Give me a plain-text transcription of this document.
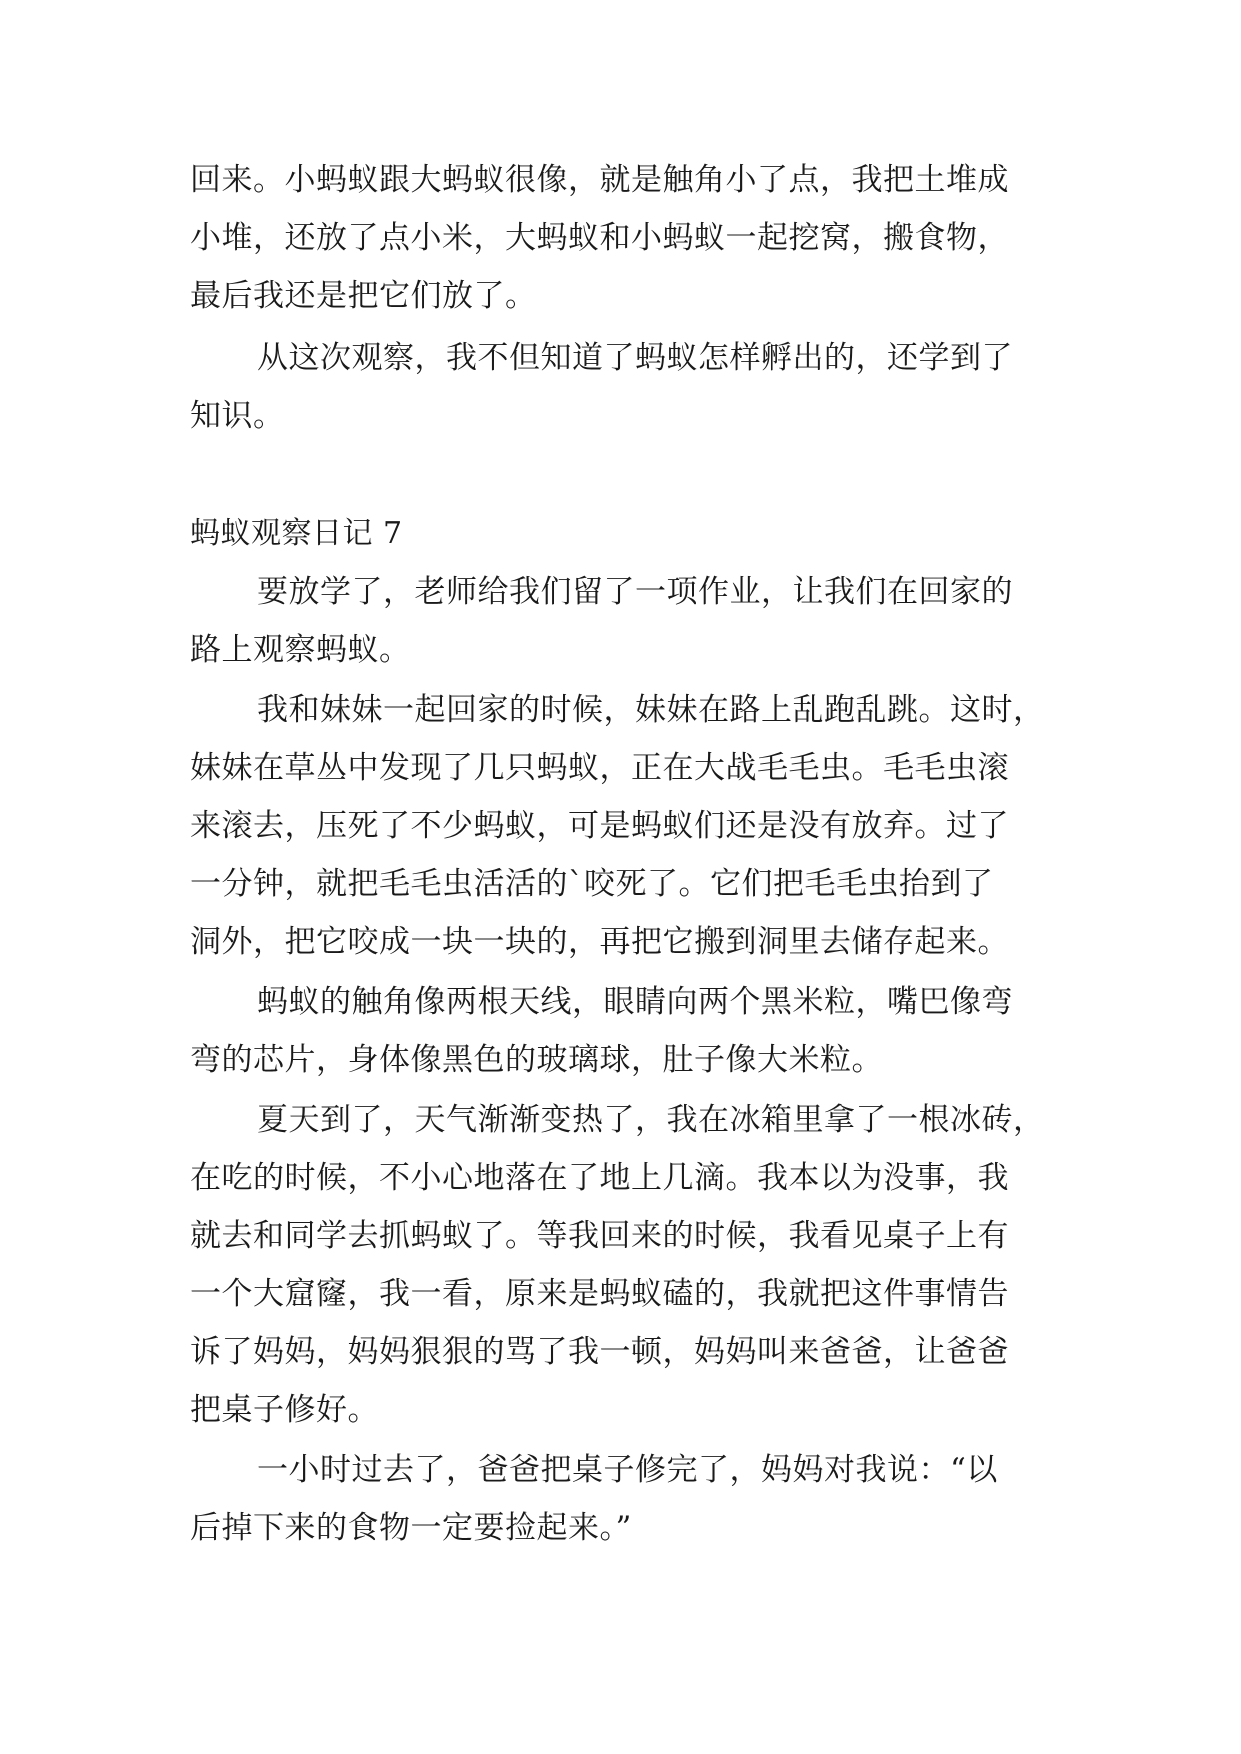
回来。小蚂蚁跟大蚂蚁很像，就是触角小了点，我把土堆成
小堆，还放了点小米，大蚂蚁和小蚂蚁一起挖窝，搬食物，
最后我还是把它们放了。
从这次观察，我不但知道了蚂蚁怎样孵出的，还学到了
知识。
蚂蚁观察日记 7
要放学了，老师给我们留了一项作业，让我们在回家的
路上观察蚂蚁。
我和妹妹一起回家的时候，妹妹在路上乱跑乱跳。这时，
妹妹在草丛中发现了几只蚂蚁，正在大战毛毛虫。毛毛虫滚
来滚去，压死了不少蚂蚁，可是蚂蚁们还是没有放弃。过了
一分钟，就把毛毛虫活活的`咬死了。它们把毛毛虫抬到了
洞外，把它咬成一块一块的，再把它搬到洞里去储存起来。
蚂蚁的触角像两根天线，眼睛向两个黑米粒，嘴巴像弯
弯的芯片，身体像黑色的玻璃球，肚子像大米粒。
夏天到了，天气渐渐变热了，我在冰箱里拿了一根冰砖，
在吃的时候，不小心地落在了地上几滴。我本以为没事，我
就去和同学去抓蚂蚁了。等我回来的时候，我看见桌子上有
一个大窟窿，我一看，原来是蚂蚁磕的，我就把这件事情告
诉了妈妈，妈妈狠狠的骂了我一顿，妈妈叫来爸爸，让爸爸
把桌子修好。
一小时过去了，爸爸把桌子修完了，妈妈对我说：“以
后掉下来的食物一定要捡起来。”
